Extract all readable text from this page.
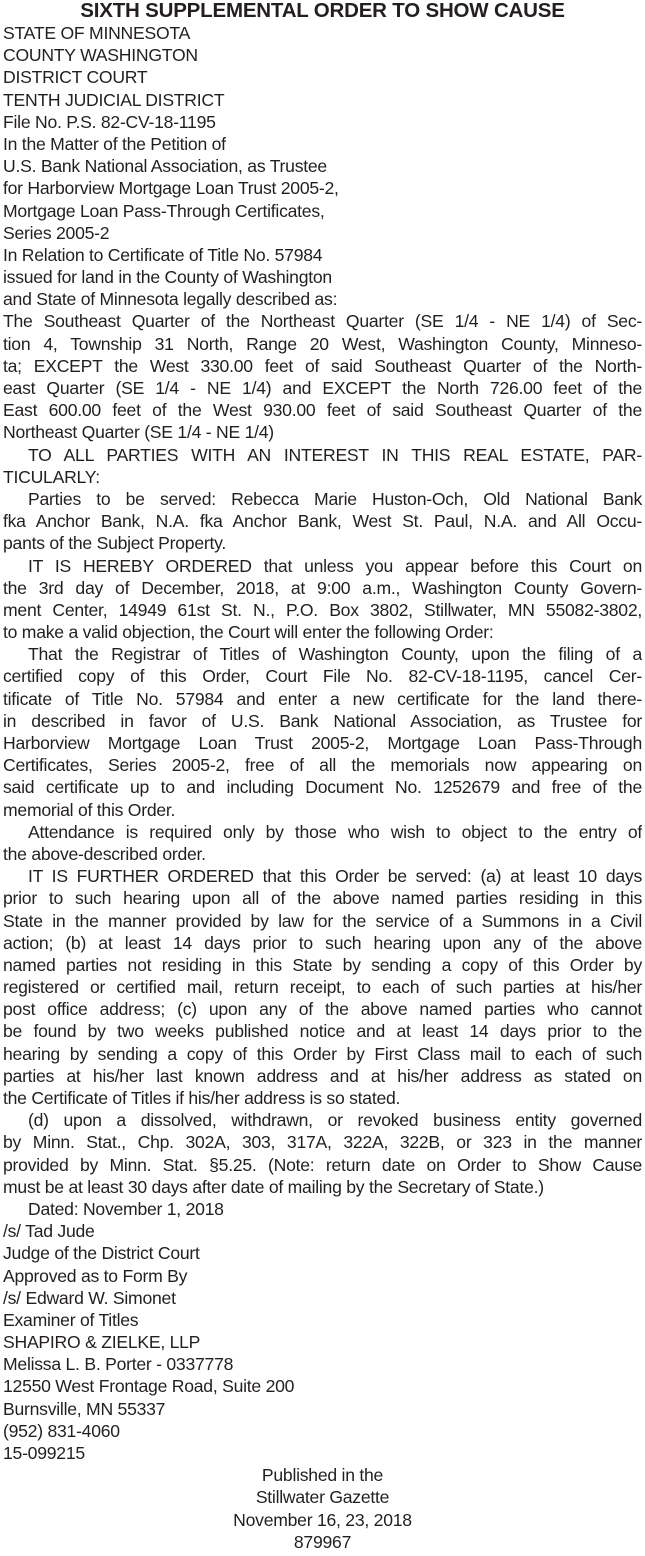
SIXTH SUPPLEMENTAL ORDER TO SHOW CAUSE
STATE OF MINNESOTA
COUNTY WASHINGTON
DISTRICT COURT
TENTH JUDICIAL DISTRICT
File No. P.S. 82-CV-18-1195
In the Matter of the Petition of
U.S. Bank National Association, as Trustee
for Harborview Mortgage Loan Trust 2005-2,
Mortgage Loan Pass-Through Certificates,
Series 2005-2
In Relation to Certificate of Title No. 57984
issued for land in the County of Washington
and State of Minnesota legally described as:
The Southeast Quarter of the Northeast Quarter (SE 1/4 - NE 1/4) of Sec-
tion 4, Township 31 North, Range 20 West, Washington County, Minneso-
ta; EXCEPT the West 330.00 feet of said Southeast Quarter of the North-
east Quarter (SE 1/4 - NE 1/4) and EXCEPT the North 726.00 feet of the
East 600.00 feet of the West 930.00 feet of said Southeast Quarter of the
Northeast Quarter (SE 1/4 - NE 1/4)
TO ALL PARTIES WITH AN INTEREST IN THIS REAL ESTATE, PAR-
TICULARLY:
Parties to be served: Rebecca Marie Huston-Och, Old National Bank
fka Anchor Bank, N.A. fka Anchor Bank, West St. Paul, N.A. and All Occu-
pants of the Subject Property.
IT IS HEREBY ORDERED that unless you appear before this Court on
the 3rd day of December, 2018, at 9:00 a.m., Washington County Govern-
ment Center, 14949 61st St. N., P.O. Box 3802, Stillwater, MN 55082-3802,
to make a valid objection, the Court will enter the following Order:
That the Registrar of Titles of Washington County, upon the filing of a
certified copy of this Order, Court File No. 82-CV-18-1195, cancel Cer-
tificate of Title No. 57984 and enter a new certificate for the land there-
in described in favor of U.S. Bank National Association, as Trustee for
Harborview Mortgage Loan Trust 2005-2, Mortgage Loan Pass-Through
Certificates, Series 2005-2, free of all the memorials now appearing on
said certificate up to and including Document No. 1252679 and free of the
memorial of this Order.
Attendance is required only by those who wish to object to the entry of
the above-described order.
IT IS FURTHER ORDERED that this Order be served: (a) at least 10 days
prior to such hearing upon all of the above named parties residing in this
State in the manner provided by law for the service of a Summons in a Civil
action; (b) at least 14 days prior to such hearing upon any of the above
named parties not residing in this State by sending a copy of this Order by
registered or certified mail, return receipt, to each of such parties at his/her
post office address; (c) upon any of the above named parties who cannot
be found by two weeks published notice and at least 14 days prior to the
hearing by sending a copy of this Order by First Class mail to each of such
parties at his/her last known address and at his/her address as stated on
the Certificate of Titles if his/her address is so stated.
(d) upon a dissolved, withdrawn, or revoked business entity governed
by Minn. Stat., Chp. 302A, 303, 317A, 322A, 322B, or 323 in the manner
provided by Minn. Stat. §5.25. (Note: return date on Order to Show Cause
must be at least 30 days after date of mailing by the Secretary of State.)
Dated: November 1, 2018
/s/ Tad Jude
Judge of the District Court
Approved as to Form By
/s/ Edward W. Simonet
Examiner of Titles
SHAPIRO & ZIELKE, LLP
Melissa L. B. Porter - 0337778
12550 West Frontage Road, Suite 200
Burnsville, MN 55337
(952) 831-4060
15-099215
Published in the
Stillwater Gazette
November 16, 23, 2018
879967
